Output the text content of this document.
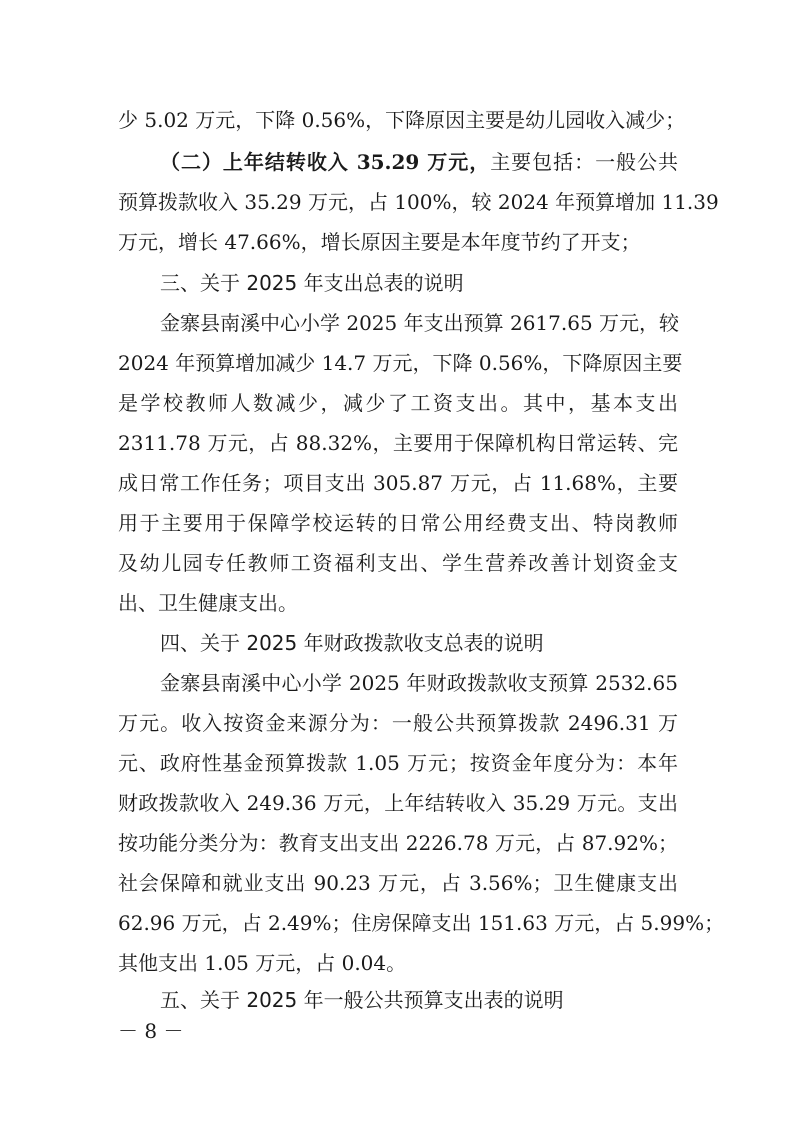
少 5.02 万元，下降 0.56%，下降原因主要是幼儿园收入减少；
（二）上年结转收入 35.29 万元，主要包括：一般公共
预算拨款收入 35.29 万元，占 100%，较 2024 年预算增加 11.39
万元，增长 47.66%，增长原因主要是本年度节约了开支；
三、关于 2025 年支出总表的说明
金寨县南溪中心小学 2025 年支出预算 2617.65 万元，较
2024 年预算增加减少 14.7 万元，下降 0.56%，下降原因主要
是学校教师人数减少，减少了工资支出。其中，基本支出
2311.78 万元，占 88.32%，主要用于保障机构日常运转、完
成日常工作任务；项目支出 305.87 万元，占 11.68%，主要
用于主要用于保障学校运转的日常公用经费支出、特岗教师
及幼儿园专任教师工资福利支出、学生营养改善计划资金支
出、卫生健康支出。
四、关于 2025 年财政拨款收支总表的说明
金寨县南溪中心小学 2025 年财政拨款收支预算 2532.65
万元。收入按资金来源分为：一般公共预算拨款 2496.31 万
元、政府性基金预算拨款 1.05 万元；按资金年度分为：本年
财政拨款收入 249.36 万元，上年结转收入 35.29 万元。支出
按功能分类分为：教育支出支出 2226.78 万元，占 87.92%；
社会保障和就业支出 90.23 万元，占 3.56%；卫生健康支出
62.96 万元，占 2.49%；住房保障支出 151.63 万元，占 5.99%；
其他支出 1.05 万元，占 0.04。
五、关于 2025 年一般公共预算支出表的说明
－ 8 －
